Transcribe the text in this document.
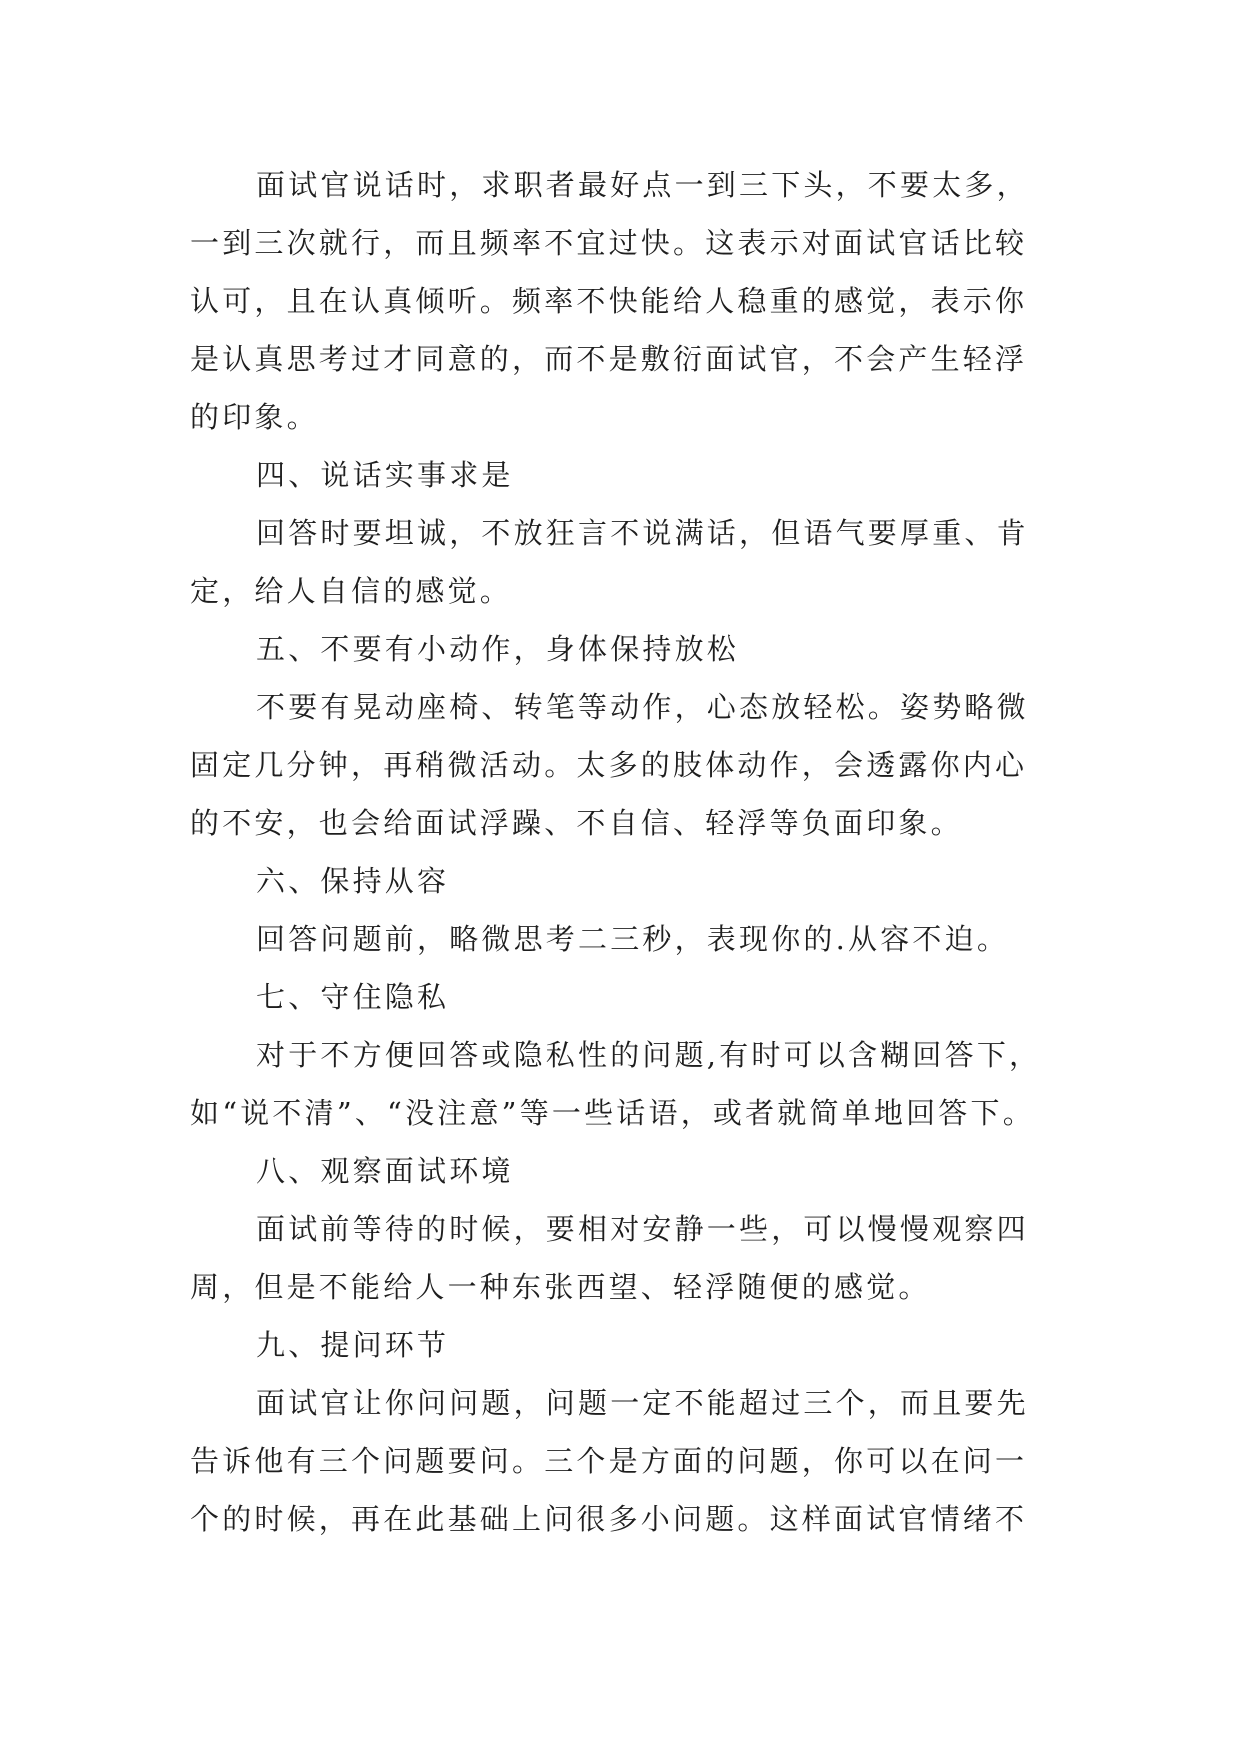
面试官说话时，求职者最好点一到三下头，不要太多，
一到三次就行，而且频率不宜过快。这表示对面试官话比较
认可，且在认真倾听。频率不快能给人稳重的感觉，表示你
是认真思考过才同意的，而不是敷衍面试官，不会产生轻浮
的印象。
四、说话实事求是
回答时要坦诚，不放狂言不说满话，但语气要厚重、肯
定，给人自信的感觉。
五、不要有小动作，身体保持放松
不要有晃动座椅、转笔等动作，心态放轻松。姿势略微
固定几分钟，再稍微活动。太多的肢体动作，会透露你内心
的不安，也会给面试浮躁、不自信、轻浮等负面印象。
六、保持从容
回答问题前，略微思考二三秒，表现你的.从容不迫。
七、守住隐私
对于不方便回答或隐私性的问题,有时可以含糊回答下，
如“说不清”、“没注意”等一些话语，或者就简单地回答下。
八、观察面试环境
面试前等待的时候，要相对安静一些，可以慢慢观察四
周，但是不能给人一种东张西望、轻浮随便的感觉。
九、提问环节
面试官让你问问题，问题一定不能超过三个，而且要先
告诉他有三个问题要问。三个是方面的问题，你可以在问一
个的时候，再在此基础上问很多小问题。这样面试官情绪不
